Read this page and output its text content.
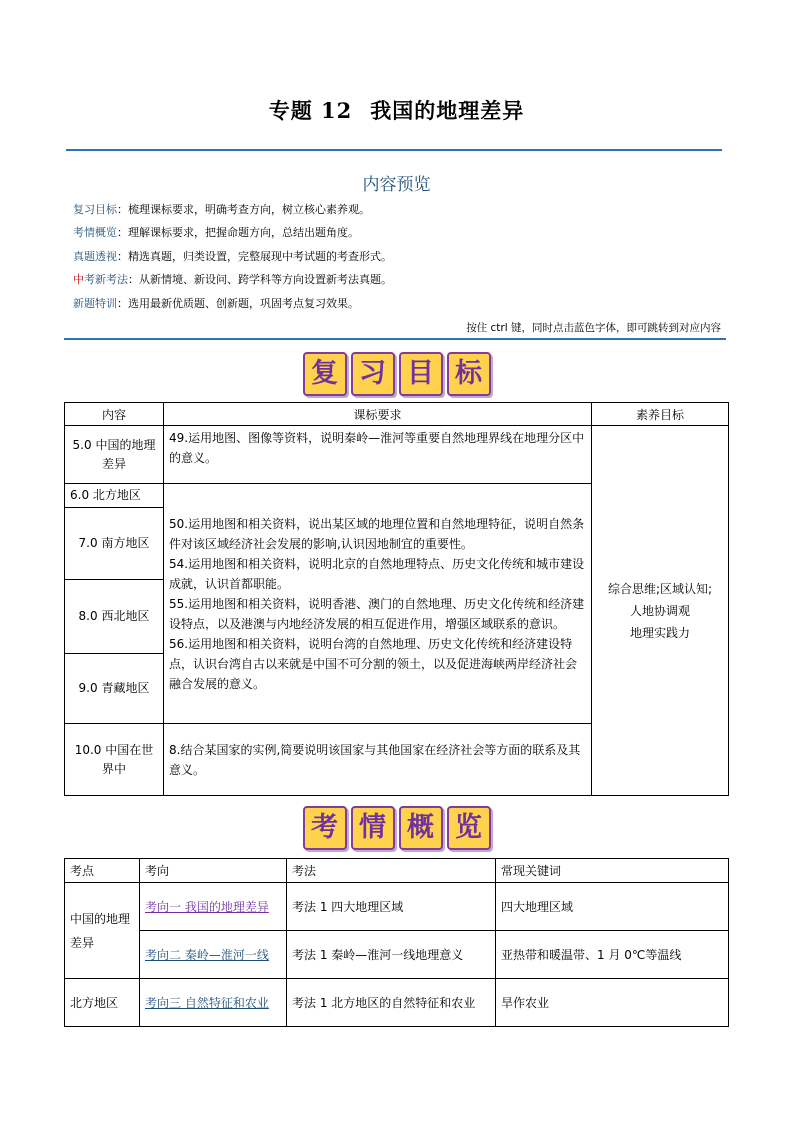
专题 12 我国的地理差异
内容预览
复习目标：梳理课标要求，明确考查方向，树立核心素养观。
考情概览：理解课标要求，把握命题方向，总结出题角度。
真题透视：精选真题，归类设置，完整展现中考试题的考查形式。
中考新考法：从新情境、新设问、跨学科等方向设置新考法真题。
新题特训：选用最新优质题、创新题，巩固考点复习效果。
按住 ctrl 键，同时点击蓝色字体，即可跳转到对应内容
复 习 目 标
内容	课标要求	素养目标
5.0 中国的地理差异	49.运用地图、图像等资料，说明秦岭—淮河等重要自然地理界线在地理分区中的意义。	综合思维;区域认知;
人地协调观
地理实践力

6.0 北方地区	50.运用地图和相关资料，说出某区域的地理位置和自然地理特征，说明自然条件对该区域经济社会发展的影响,认识因地制宜的重要性。
54.运用地图和相关资料，说明北京的自然地理特点、历史文化传统和城市建设成就，认识首都职能。
55.运用地图和相关资料，说明香港、澳门的自然地理、历史文化传统和经济建设特点，以及港澳与内地经济发展的相互促进作用，增强区域联系的意识。
56.运用地图和相关资料，说明台湾的自然地理、历史文化传统和经济建设特点，认识台湾自古以来就是中国不可分割的领土，以及促进海峡两岸经济社会融合发展的意义。	

7.0 南方地区		
8.0 西北地区		
9.0 青藏地区		
10.0 中国在世界中	8.结合某国家的实例,简要说明该国家与其他国家在经济社会等方面的联系及其意义。	
考 情 概 览
考点	考向	考法	常现关键词
中国的地理差异	考向一 我国的地理差异	考法 1 四大地理区域	四大地理区域
	考向二 秦岭—淮河一线	考法 1 秦岭—淮河一线地理意义	亚热带和暖温带、1 月 0℃等温线
北方地区	考向三 自然特征和农业	考法 1 北方地区的自然特征和农业	旱作农业
